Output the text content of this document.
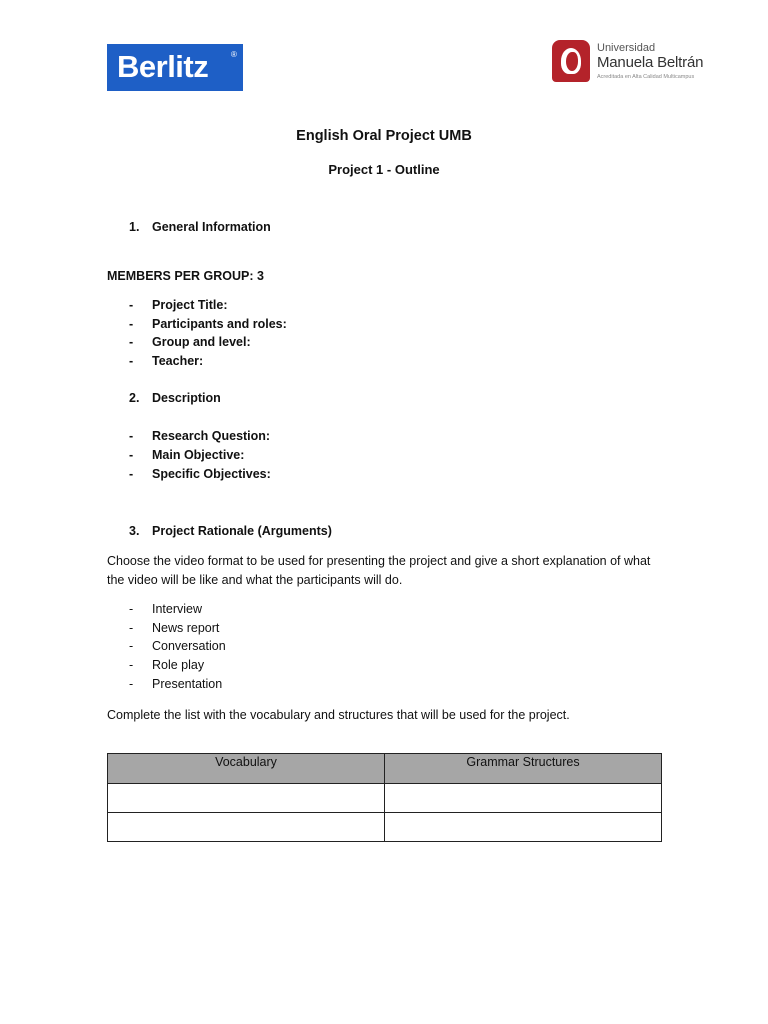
Berlitz	®
Universidad
Manuela Beltrán
Acreditada en Alta Calidad Multicampus
English Oral Project UMB
Project 1 - Outline
1. General Information
MEMBERS PER GROUP: 3
- Project Title:
- Participants and roles:
- Group and level:
- Teacher:
2. Description
- Research Question:
- Main Objective:
- Specific Objectives:
3. Project Rationale (Arguments)
Choose the video format to be used for presenting the project and give a short explanation of what the video will be like and what the participants will do.
- Interview
- News report
- Conversation
- Role play
- Presentation
Complete the list with the vocabulary and structures that will be used for the project.
Vocabulary	Grammar Structures
